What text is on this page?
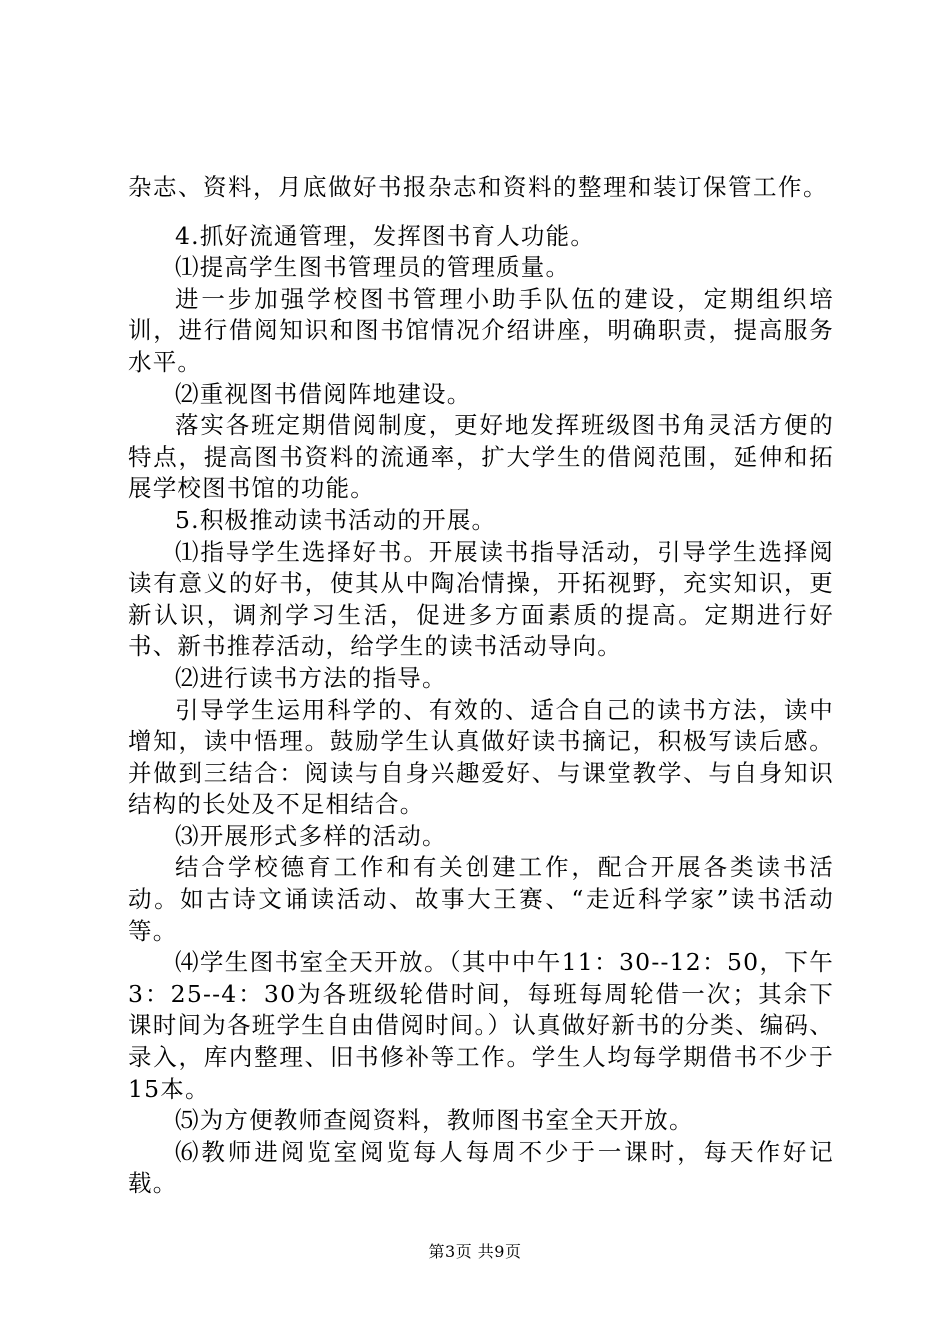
杂志、资料，月底做好书报杂志和资料的整理和装订保管工作。

4.抓好流通管理，发挥图书育人功能。

⑴提高学生图书管理员的管理质量。

进一步加强学校图书管理小助手队伍的建设，定期组织培训，进行借阅知识和图书馆情况介绍讲座，明确职责，提高服务水平。

⑵重视图书借阅阵地建设。

落实各班定期借阅制度，更好地发挥班级图书角灵活方便的特点，提高图书资料的流通率，扩大学生的借阅范围，延伸和拓展学校图书馆的功能。

5.积极推动读书活动的开展。

⑴指导学生选择好书。开展读书指导活动，引导学生选择阅读有意义的好书，使其从中陶冶情操，开拓视野，充实知识，更新认识，调剂学习生活，促进多方面素质的提高。定期进行好书、新书推荐活动，给学生的读书活动导向。

⑵进行读书方法的指导。

引导学生运用科学的、有效的、适合自己的读书方法，读中增知，读中悟理。鼓励学生认真做好读书摘记，积极写读后感。并做到三结合：阅读与自身兴趣爱好、与课堂教学、与自身知识结构的长处及不足相结合。

⑶开展形式多样的活动。

结合学校德育工作和有关创建工作，配合开展各类读书活动。如古诗文诵读活动、故事大王赛、“走近科学家”读书活动等。

⑷学生图书室全天开放。（其中中午11：30--12：50，下午3：25--4：30为各班级轮借时间，每班每周轮借一次；其余下课时间为各班学生自由借阅时间。）认真做好新书的分类、编码、录入，库内整理、旧书修补等工作。学生人均每学期借书不少于15本。

⑸为方便教师查阅资料，教师图书室全天开放。

⑹教师进阅览室阅览每人每周不少于一课时，每天作好记载。

第3页 共9页
